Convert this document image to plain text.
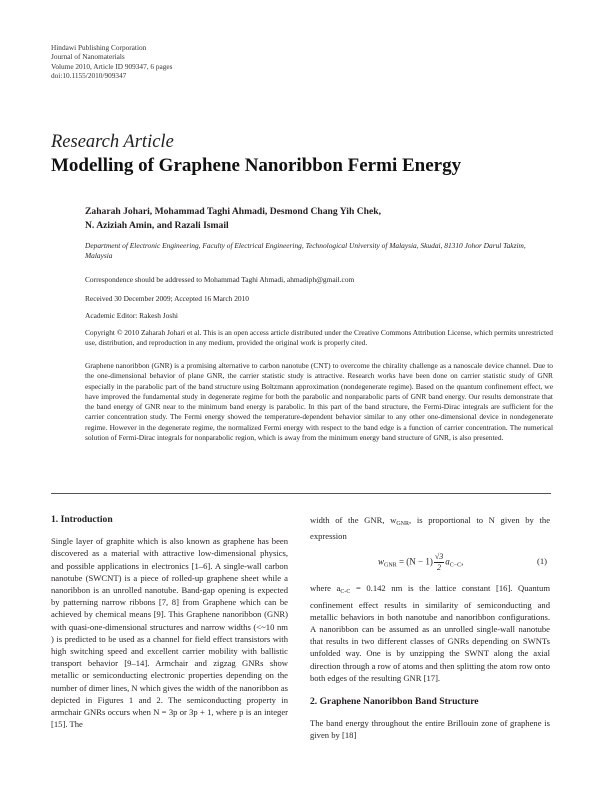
Hindawi Publishing Corporation
Journal of Nanomaterials
Volume 2010, Article ID 909347, 6 pages
doi:10.1155/2010/909347
Research Article
Modelling of Graphene Nanoribbon Fermi Energy
Zaharah Johari, Mohammad Taghi Ahmadi, Desmond Chang Yih Chek,
N. Aziziah Amin, and Razali Ismail
Department of Electronic Engineering, Faculty of Electrical Engineering, Technological University of Malaysia, Skudai, 81310 Johor Darul Takzim, Malaysia
Correspondence should be addressed to Mohammad Taghi Ahmadi, ahmadiph@gmail.com
Received 30 December 2009; Accepted 16 March 2010
Academic Editor: Rakesh Joshi
Copyright © 2010 Zaharah Johari et al. This is an open access article distributed under the Creative Commons Attribution License, which permits unrestricted use, distribution, and reproduction in any medium, provided the original work is properly cited.
Graphene nanoribbon (GNR) is a promising alternative to carbon nanotube (CNT) to overcome the chirality challenge as a nanoscale device channel. Due to the one-dimensional behavior of plane GNR, the carrier statistic study is attractive. Research works have been done on carrier statistic study of GNR especially in the parabolic part of the band structure using Boltzmann approximation (nondegenerate regime). Based on the quantum confinement effect, we have improved the fundamental study in degenerate regime for both the parabolic and nonparabolic parts of GNR band energy. Our results demonstrate that the band energy of GNR near to the minimum band energy is parabolic. In this part of the band structure, the Fermi-Dirac integrals are sufficient for the carrier concentration study. The Fermi energy showed the temperature-dependent behavior similar to any other one-dimensional device in nondegenerate regime. However in the degenerate regime, the normalized Fermi energy with respect to the band edge is a function of carrier concentration. The numerical solution of Fermi-Dirac integrals for nonparabolic region, which is away from the minimum energy band structure of GNR, is also presented.
1. Introduction

Single layer of graphite which is also known as graphene has been discovered as a material with attractive low-dimensional physics, and possible applications in electronics [1–6]. A single-wall carbon nanotube (SWCNT) is a piece of rolled-up graphene sheet while a nanoribbon is an unrolled nanotube. Band-gap opening is expected by patterning narrow ribbons [7, 8] from Graphene which can be achieved by chemical means [9]. This Graphene nanoribbon (GNR) with quasi-one-dimensional structures and narrow widths (<~10 nm ) is predicted to be used as a channel for field effect transistors with high switching speed and excellent carrier mobility with ballistic transport behavior [9–14]. Armchair and zigzag GNRs show metallic or semiconducting electronic properties depending on the number of dimer lines, N which gives the width of the nanoribbon as depicted in Figures 1 and 2. The semiconducting property in armchair GNRs occurs when N = 3p or 3p + 1, where p is an integer [15]. The

width of the GNR, $w_{GNR}$, is proportional to N given by the expression

$w_{GNR} = (N - 1) \frac{√3}{2} a_{C-C}$,	(1)

where $a_{C-C} = 0.142$ nm is the lattice constant [16]. Quantum confinement effect results in similarity of semiconducting and metallic behaviors in both nanotube and nanoribbon configurations. A nanoribbon can be assumed as an unrolled single-wall nanotube that results in two different classes of GNRs depending on SWNTs unfolded way. One is by unzipping the SWNT along the axial direction through a row of atoms and then splitting the atom row onto both edges of the resulting GNR [17].

2. Graphene Nanoribbon Band Structure

The band energy throughout the entire Brillouin zone of graphene is given by [18]
